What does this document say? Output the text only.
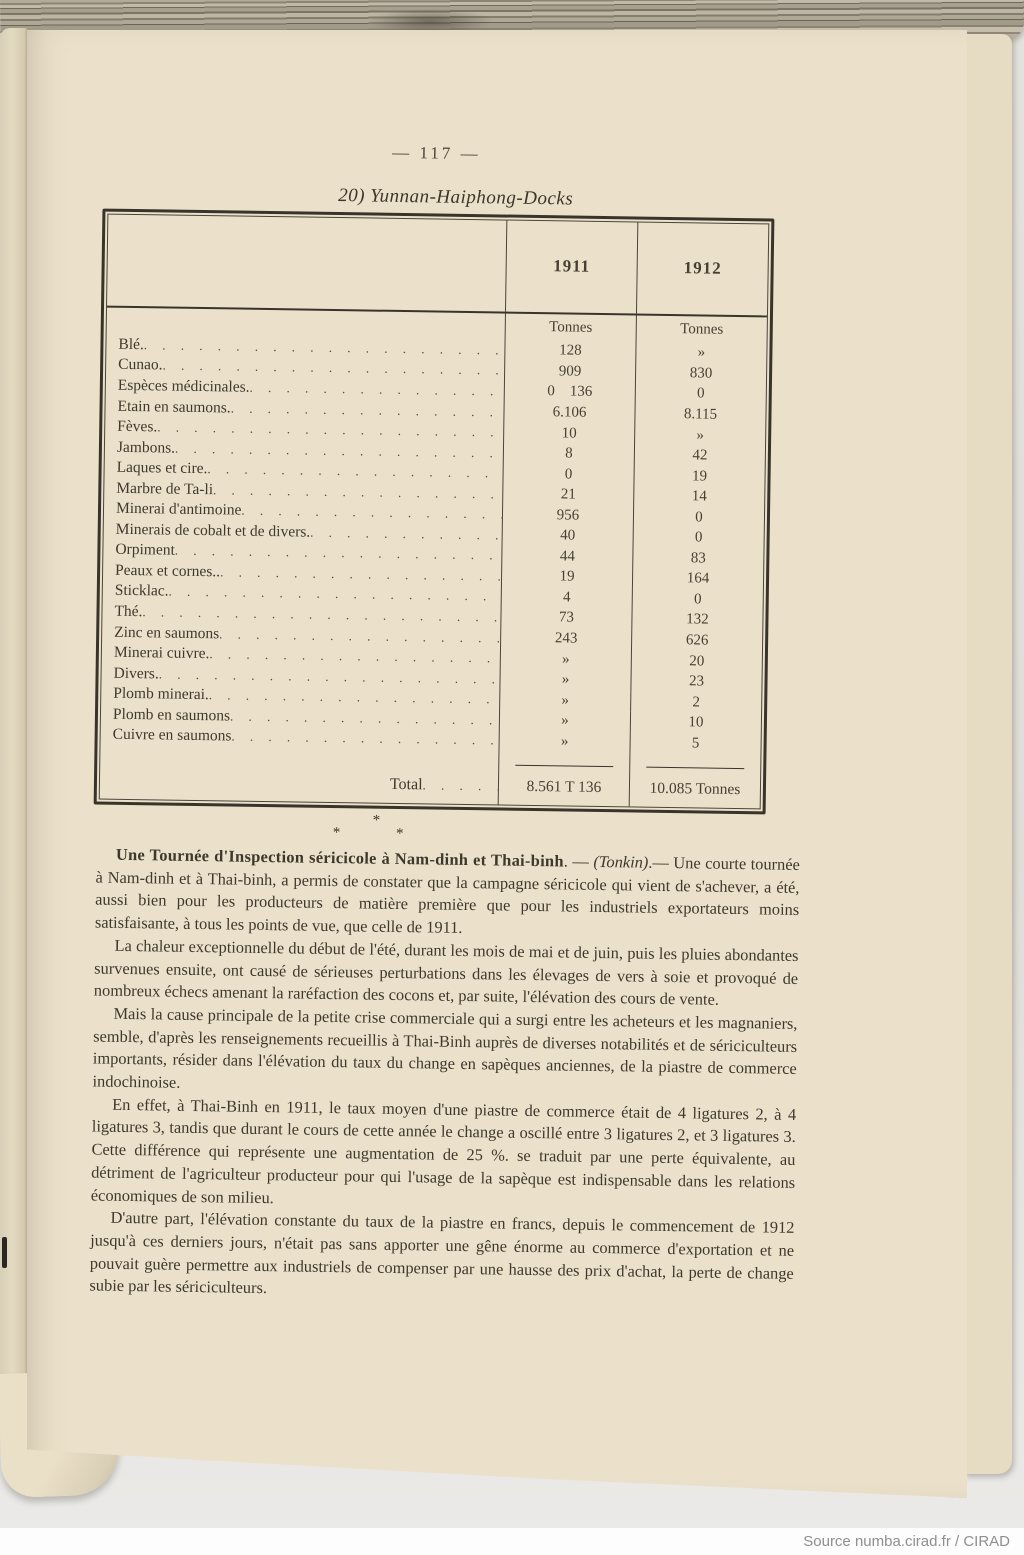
— 117 —
20) Yunnan-Haiphong-Docks
1911	1912
Tonnes	Tonnes
Blé. . .	128	»
Cunao. . .	909	830
Espèces médicinales. . .	0    136	0
Etain en saumons. . .	6.106	8.115
Fèves. . .	10	»
Jambons. . .	8	42
Laques et cire. . .	0	19
Marbre de Ta-li . .	21	14
Minerai d'antimoine . .	956	0
Minerais de cobalt et de divers. . .	40	0
Orpiment . .	44	83
Peaux et cornes.. . .	19	164
Sticklac. . .	4	0
Thé. . .	73	132
Zinc en saumons . .	243	626
Minerai cuivre. . .	»	20
Divers. . .	»	23
Plomb minerai. . .	»	2
Plomb en saumons . .	»	10
Cuivre en saumons . .	»	5
Total . .	8.561 T 136	10.085 Tonnes
*
* *

Une Tournée d'Inspection séricicole à Nam-dinh et Thai-binh. — (Tonkin).— Une courte tournée à Nam-dinh et à Thai-binh, a permis de constater que la campagne séricicole qui vient de s'achever, a été, aussi bien pour les producteurs de matière première que pour les industriels exportateurs moins satisfaisante, à tous les points de vue, que celle de 1911.

La chaleur exceptionnelle du début de l'été, durant les mois de mai et de juin, puis les pluies abondantes survenues ensuite, ont causé de sérieuses perturbations dans les élevages de vers à soie et provoqué de nombreux échecs amenant la raréfaction des cocons et, par suite, l'élévation des cours de vente.

Mais la cause principale de la petite crise commerciale qui a surgi entre les acheteurs et les magnaniers, semble, d'après les renseignements recueillis à Thai-Binh auprès de diverses notabilités et de sériciculteurs importants, résider dans l'élévation du taux du change en sapèques anciennes, de la piastre de commerce indochinoise.

En effet, à Thai-Binh en 1911, le taux moyen d'une piastre de commerce était de 4 ligatures 2, à 4 ligatures 3, tandis que durant le cours de cette année le change a oscillé entre 3 ligatures 2, et 3 ligatures 3. Cette différence qui représente une augmentation de 25 %. se traduit par une perte équivalente, au détriment de l'agriculteur producteur pour qui l'usage de la sapèque est indispensable dans les relations économiques de son milieu.

D'autre part, l'élévation constante du taux de la piastre en francs, depuis le commencement de 1912 jusqu'à ces derniers jours, n'était pas sans apporter une gêne énorme au commerce d'exportation et ne pouvait guère permettre aux industriels de compenser par une hausse des prix d'achat, la perte de change subie par les sériciculteurs.

Source numba.cirad.fr / CIRAD
